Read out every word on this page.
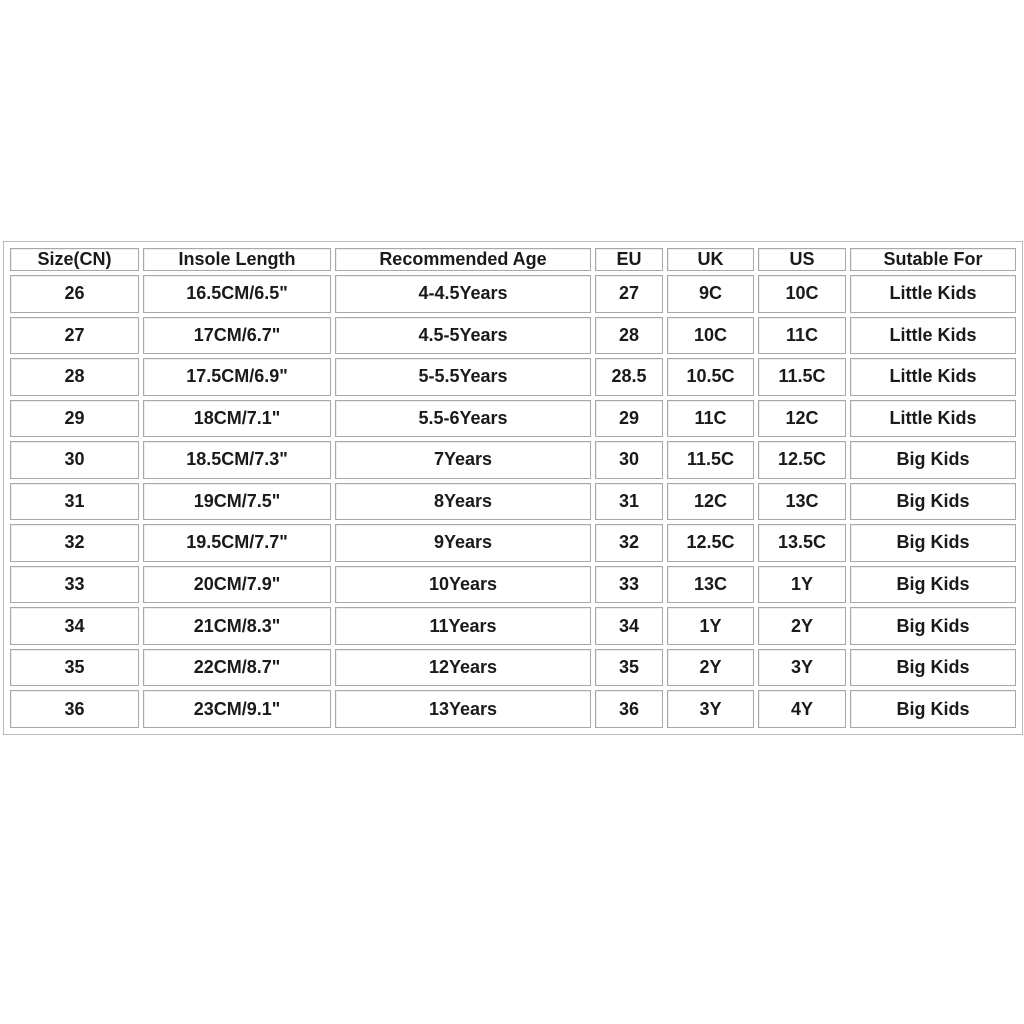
Size(CN)	Insole Length	Recommended Age	EU	UK	US	Sutable For
26	16.5CM/6.5"	4-4.5Years	27	9C	10C	Little Kids
27	17CM/6.7"	4.5-5Years	28	10C	11C	Little Kids
28	17.5CM/6.9"	5-5.5Years	28.5	10.5C	11.5C	Little Kids
29	18CM/7.1"	5.5-6Years	29	11C	12C	Little Kids
30	18.5CM/7.3"	7Years	30	11.5C	12.5C	Big Kids
31	19CM/7.5"	8Years	31	12C	13C	Big Kids
32	19.5CM/7.7"	9Years	32	12.5C	13.5C	Big Kids
33	20CM/7.9"	10Years	33	13C	1Y	Big Kids
34	21CM/8.3"	11Years	34	1Y	2Y	Big Kids
35	22CM/8.7"	12Years	35	2Y	3Y	Big Kids
36	23CM/9.1"	13Years	36	3Y	4Y	Big Kids
